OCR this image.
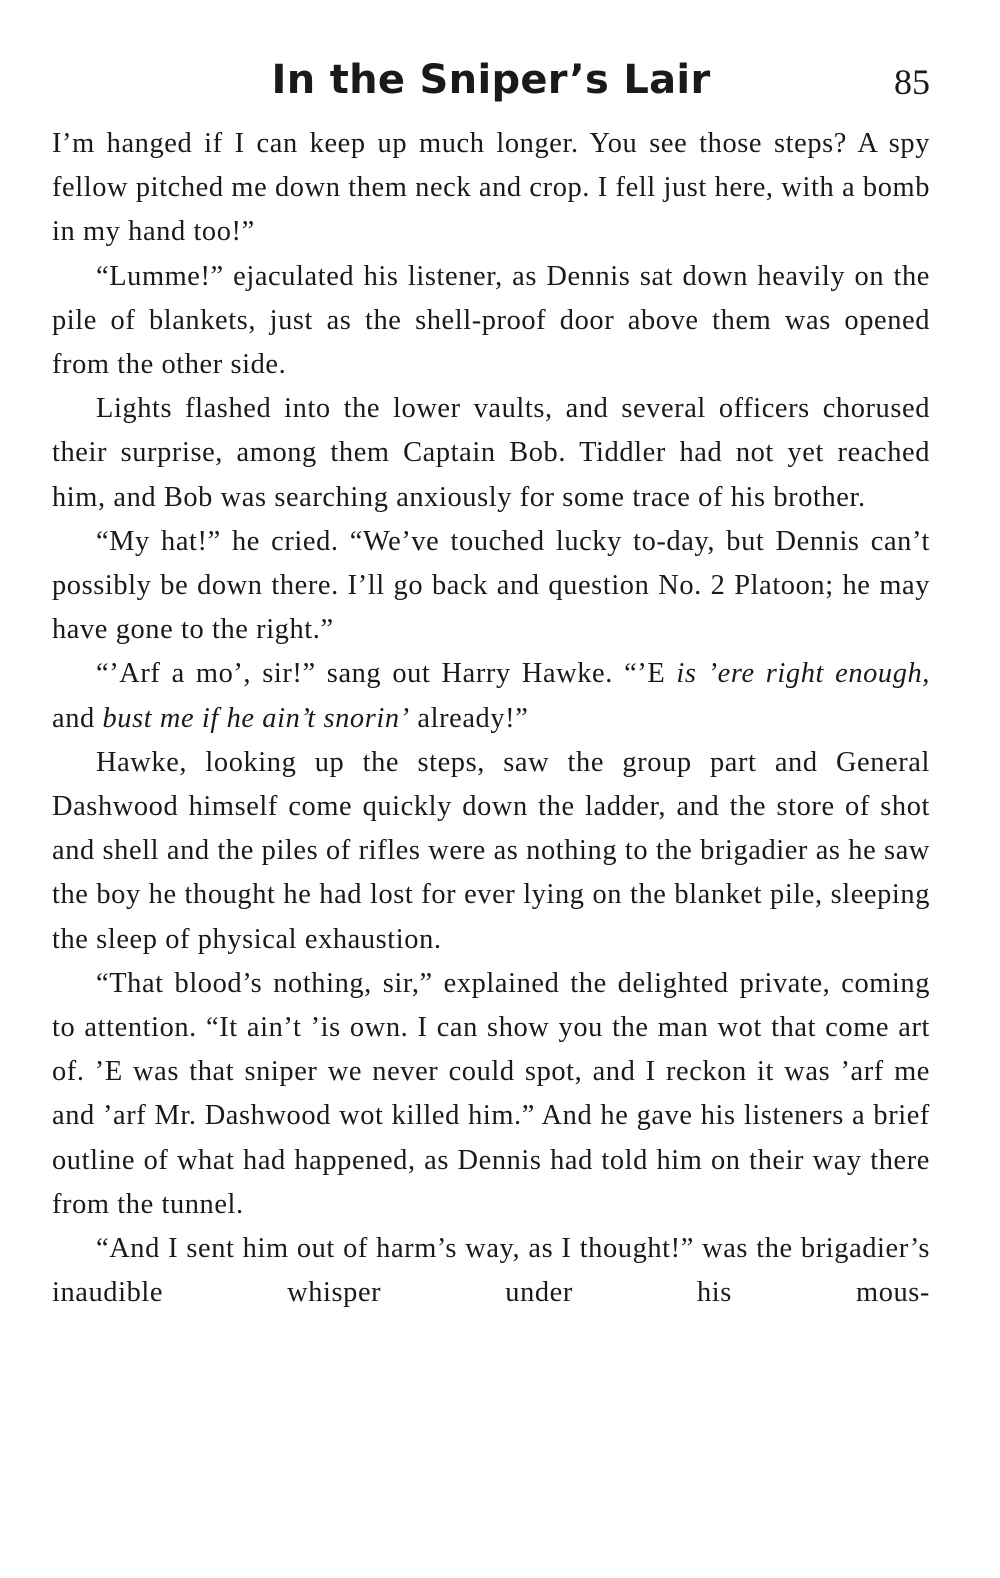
In the Sniper’s Lair	85

I’m hanged if I can keep up much longer. You see those steps? A spy fellow pitched me down them neck and crop. I fell just here, with a bomb in my hand too!”

“Lumme!” ejaculated his listener, as Dennis sat down heavily on the pile of blankets, just as the shell-proof door above them was opened from the other side.

Lights flashed into the lower vaults, and several officers chorused their surprise, among them Captain Bob. Tiddler had not yet reached him, and Bob was searching anxiously for some trace of his brother.

“My hat!” he cried. “We’ve touched lucky to-day, but Dennis can’t possibly be down there. I’ll go back and question No. 2 Platoon; he may have gone to the right.”

“’Arf a mo’, sir!” sang out Harry Hawke. “’E is ’ere right enough, and bust me if he ain’t snorin’ already!”

Hawke, looking up the steps, saw the group part and General Dashwood himself come quickly down the ladder, and the store of shot and shell and the piles of rifles were as nothing to the brigadier as he saw the boy he thought he had lost for ever lying on the blanket pile, sleeping the sleep of physical exhaustion.

“That blood’s nothing, sir,” explained the delighted private, coming to attention. “It ain’t ’is own. I can show you the man wot that come art of. ’E was that sniper we never could spot, and I reckon it was ’arf me and ’arf Mr. Dashwood wot killed him.” And he gave his listeners a brief outline of what had happened, as Dennis had told him on their way there from the tunnel.

“And I sent him out of harm’s way, as I thought!” was the brigadier’s inaudible whisper under his mous-
